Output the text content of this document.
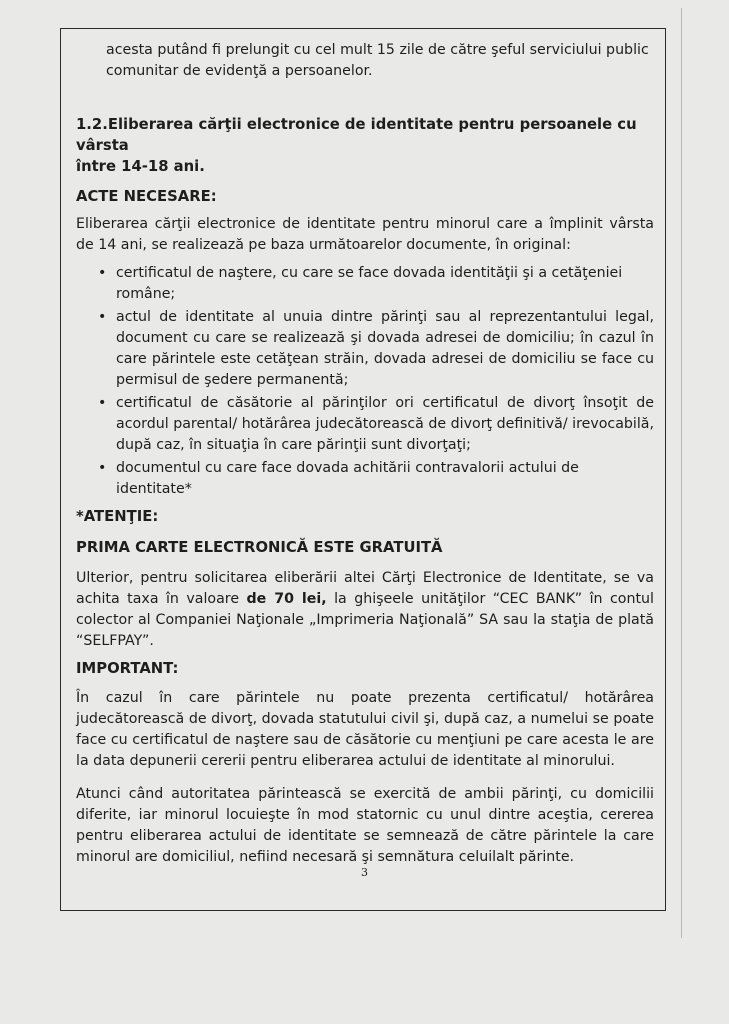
acesta putând fi prelungit cu cel mult 15 zile de către şeful serviciului public

comunitar de evidenţă a persoanelor.

1.2.Eliberarea cărţii electronice de identitate pentru persoanele cu vârsta
între 14-18 ani.

ACTE NECESARE:

Eliberarea cărţii electronice de identitate pentru minorul care a împlinit vârsta de 14 ani, se realizează pe baza următoarelor documente, în original:

• certificatul de naştere, cu care se face dovada identităţii şi a cetăţeniei române;
• actul de identitate al unuia dintre părinţi sau al reprezentantului legal, document cu care se realizează şi dovada adresei de domiciliu; în cazul în care părintele este cetăţean străin, dovada adresei de domiciliu se face cu permisul de şedere permanentă;
• certificatul de căsătorie al părinţilor ori certificatul de divorţ însoţit de acordul parental/ hotărârea judecătorească de divorţ definitivă/ irevocabilă, după caz, în situaţia în care părinţii sunt divorţaţi;
• documentul cu care face dovada achitării contravalorii actului de identitate*

*ATENŢIE:

PRIMA CARTE ELECTRONICĂ ESTE GRATUITĂ

Ulterior, pentru solicitarea eliberării altei Cărţi Electronice de Identitate, se va achita taxa în valoare de 70 lei, la ghişeele unităţilor “CEC BANK” în contul colector al Companiei Naţionale „Imprimeria Naţională” SA sau la staţia de plată “SELFPAY”.

IMPORTANT:

În cazul în care părintele nu poate prezenta certificatul/ hotărârea judecătorească de divorţ, dovada statutului civil şi, după caz, a numelui se poate face cu certificatul de naştere sau de căsătorie cu menţiuni pe care acesta le are la data depunerii cererii pentru eliberarea actului de identitate al minorului.

Atunci când autoritatea părintească se exercită de ambii părinţi, cu domicilii diferite, iar minorul locuieşte în mod statornic cu unul dintre aceştia, cererea pentru eliberarea actului de identitate se semnează de către părintele la care minorul are domiciliul, nefiind necesară şi semnătura celuilalt părinte.

3
